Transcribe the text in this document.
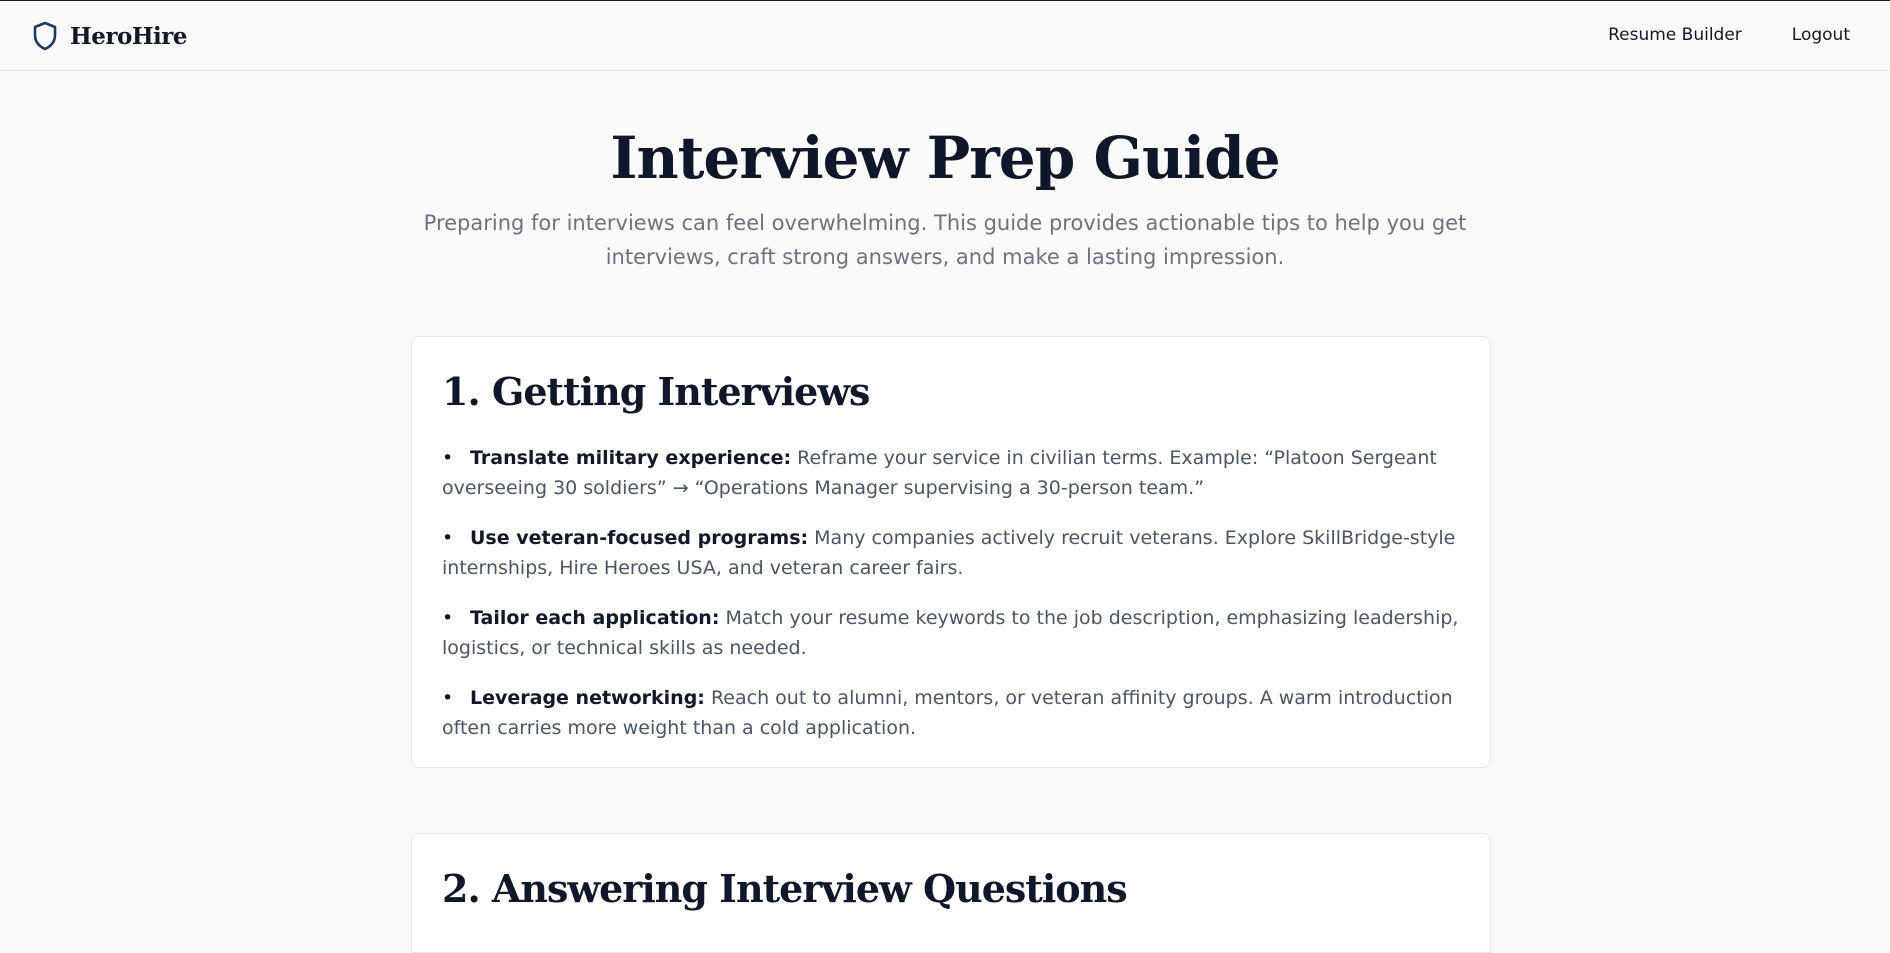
HeroHire	Resume Builder	Logout
Interview Prep Guide

Preparing for interviews can feel overwhelming. This guide provides actionable tips to help you get interviews, craft strong answers, and make a lasting impression.

1. Getting Interviews
• Translate military experience: Reframe your service in civilian terms. Example: “Platoon Sergeant overseeing 30 soldiers” → “Operations Manager supervising a 30-person team.”
• Use veteran-focused programs: Many companies actively recruit veterans. Explore SkillBridge-style internships, Hire Heroes USA, and veteran career fairs.
• Tailor each application: Match your resume keywords to the job description, emphasizing leadership, logistics, or technical skills as needed.
• Leverage networking: Reach out to alumni, mentors, or veteran affinity groups. A warm introduction often carries more weight than a cold application.
2. Answering Interview Questions
